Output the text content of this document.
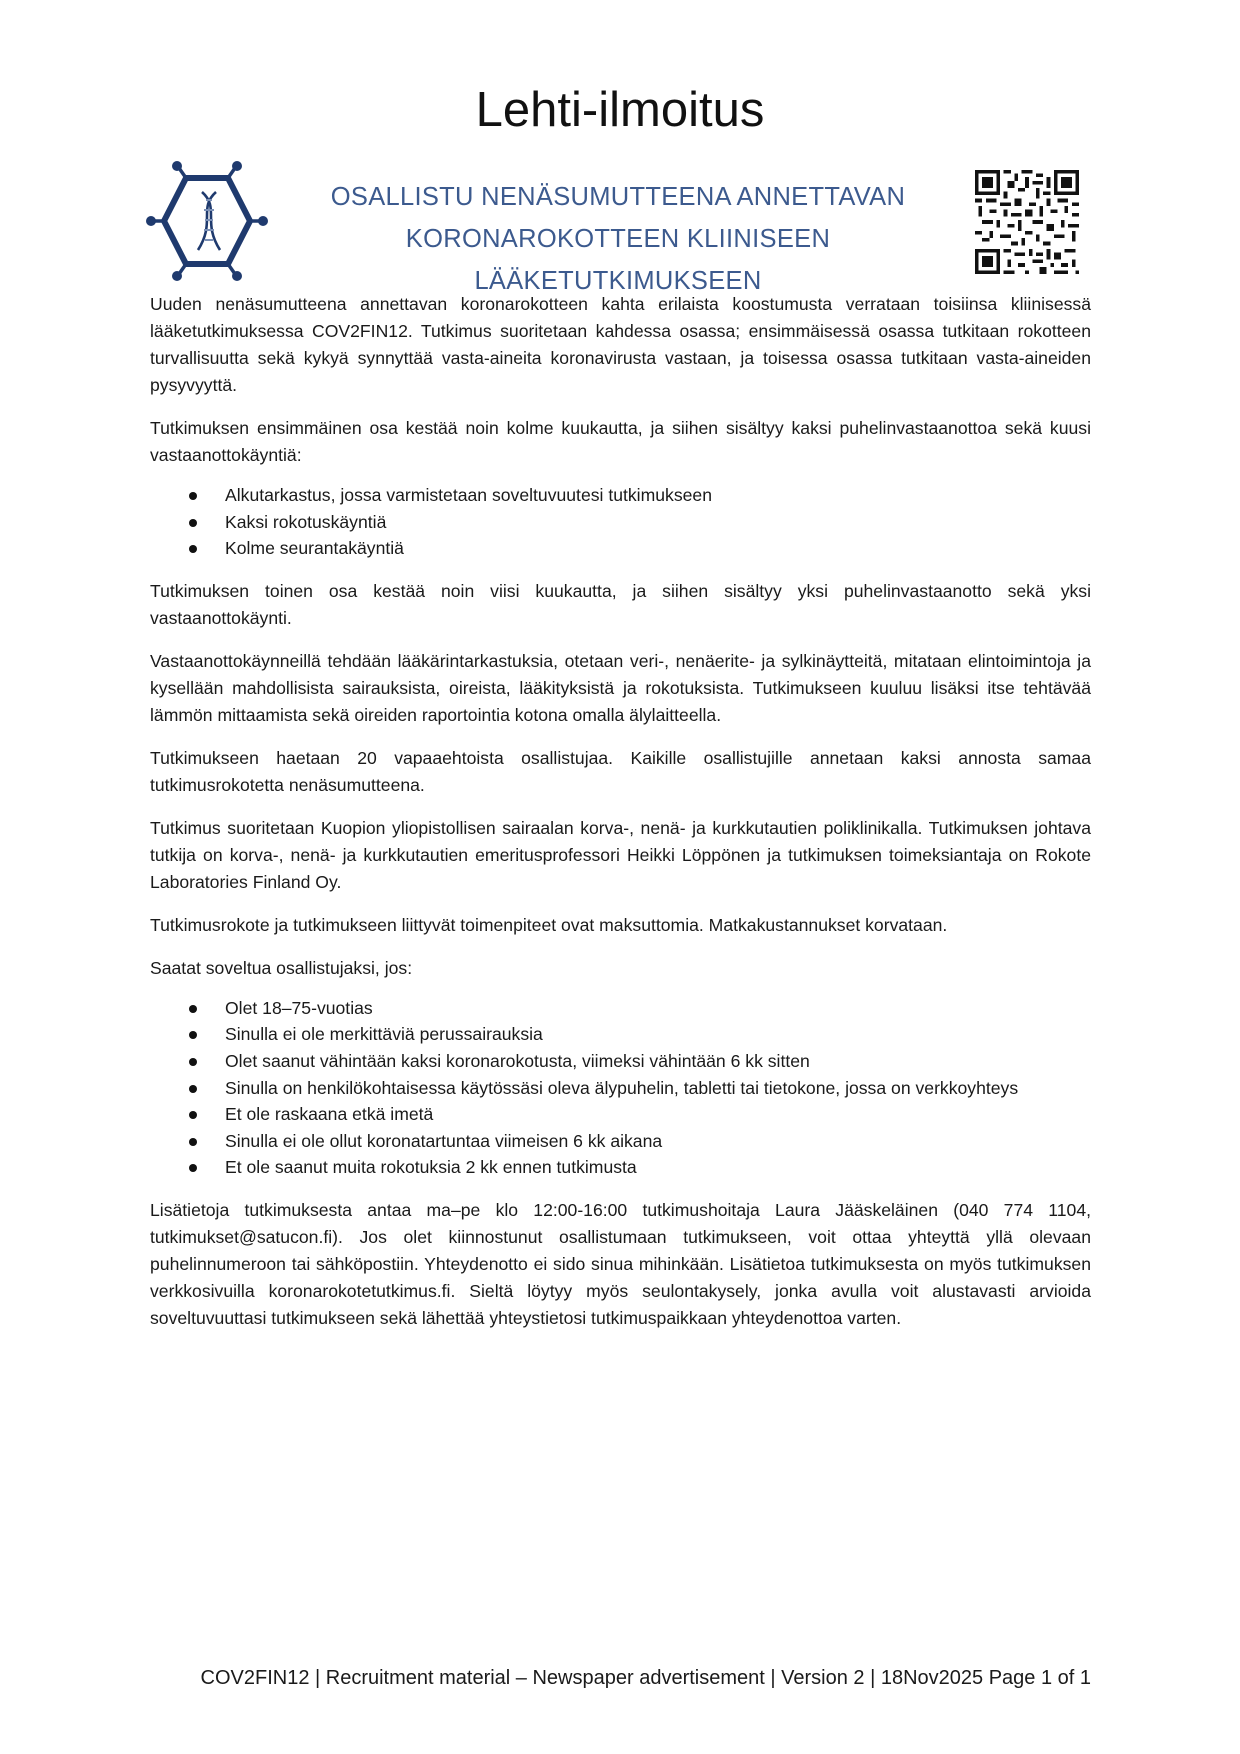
Lehti-ilmoitus
OSALLISTU NENÄSUMUTTEENA ANNETTAVAN
KORONAROKOTTEEN KLIINISEEN LÄÄKETUTKIMUKSEEN

Uuden nenäsumutteena annettavan koronarokotteen kahta erilaista koostumusta verrataan toisiinsa kliinisessä lääketutkimuksessa COV2FIN12. Tutkimus suoritetaan kahdessa osassa; ensimmäisessä osassa tutkitaan rokotteen turvallisuutta sekä kykyä synnyttää vasta-aineita koronavirusta vastaan, ja toisessa osassa tutkitaan vasta-aineiden pysyvyyttä.

Tutkimuksen ensimmäinen osa kestää noin kolme kuukautta, ja siihen sisältyy kaksi puhelinvastaanottoa sekä kuusi vastaanottokäyntiä:

Alkutarkastus, jossa varmistetaan soveltuvuutesi tutkimukseen
Kaksi rokotuskäyntiä
Kolme seurantakäyntiä

Tutkimuksen toinen osa kestää noin viisi kuukautta, ja siihen sisältyy yksi puhelinvastaanotto sekä yksi vastaanottokäynti.

Vastaanottokäynneillä tehdään lääkärintarkastuksia, otetaan veri-, nenäerite- ja sylkinäytteitä, mitataan elintoimintoja ja kysellään mahdollisista sairauksista, oireista, lääkityksistä ja rokotuksista. Tutkimukseen kuuluu lisäksi itse tehtävää lämmön mittaamista sekä oireiden raportointia kotona omalla älylaitteella.

Tutkimukseen haetaan 20 vapaaehtoista osallistujaa. Kaikille osallistujille annetaan kaksi annosta samaa tutkimusrokotetta nenäsumutteena.

Tutkimus suoritetaan Kuopion yliopistollisen sairaalan korva-, nenä- ja kurkkutautien poliklinikalla. Tutkimuksen johtava tutkija on korva-, nenä- ja kurkkutautien emeritusprofessori Heikki Löppönen ja tutkimuksen toimeksiantaja on Rokote Laboratories Finland Oy.

Tutkimusrokote ja tutkimukseen liittyvät toimenpiteet ovat maksuttomia. Matkakustannukset korvataan.

Saatat soveltua osallistujaksi, jos:

Olet 18–75-vuotias
Sinulla ei ole merkittäviä perussairauksia
Olet saanut vähintään kaksi koronarokotusta, viimeksi vähintään 6 kk sitten
Sinulla on henkilökohtaisessa käytössäsi oleva älypuhelin, tabletti tai tietokone, jossa on verkkoyhteys
Et ole raskaana etkä imetä
Sinulla ei ole ollut koronatartuntaa viimeisen 6 kk aikana
Et ole saanut muita rokotuksia 2 kk ennen tutkimusta

Lisätietoja tutkimuksesta antaa ma–pe klo 12:00-16:00 tutkimushoitaja Laura Jääskeläinen (040 774 1104, tutkimukset@satucon.fi). Jos olet kiinnostunut osallistumaan tutkimukseen, voit ottaa yhteyttä yllä olevaan puhelinnumeroon tai sähköpostiin. Yhteydenotto ei sido sinua mihinkään. Lisätietoa tutkimuksesta on myös tutkimuksen verkkosivuilla koronarokotetutkimus.fi. Sieltä löytyy myös seulontakysely, jonka avulla voit alustavasti arvioida soveltuvuuttasi tutkimukseen sekä lähettää yhteystietosi tutkimuspaikkaan yhteydenottoa varten.

COV2FIN12 | Recruitment material – Newspaper advertisement | Version 2 | 18Nov2025 Page 1 of 1
